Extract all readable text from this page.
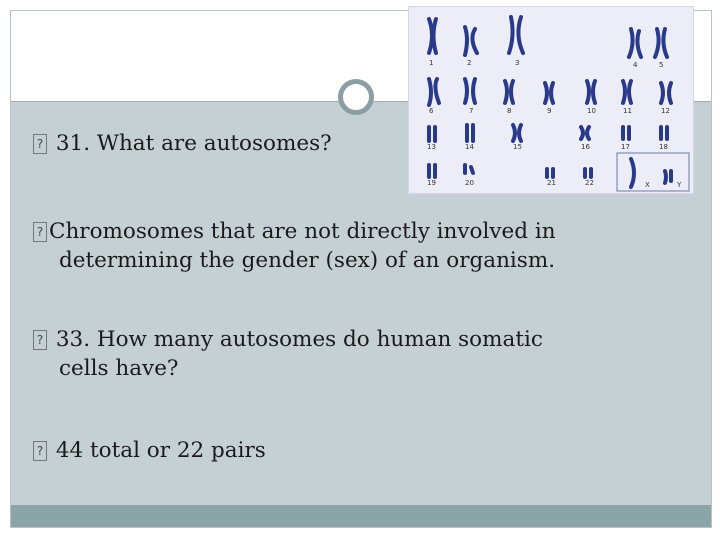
1	2	3	4	5
6	7	8	9	10	11	12
13	14	15	16	17	18
19	20	21	22	X	Y
? 31. What are autosomes?
? Chromosomes that are not directly involved in
determining the gender (sex) of an organism.
? 33. How many autosomes do human somatic
cells have?
? 44 total or 22 pairs
